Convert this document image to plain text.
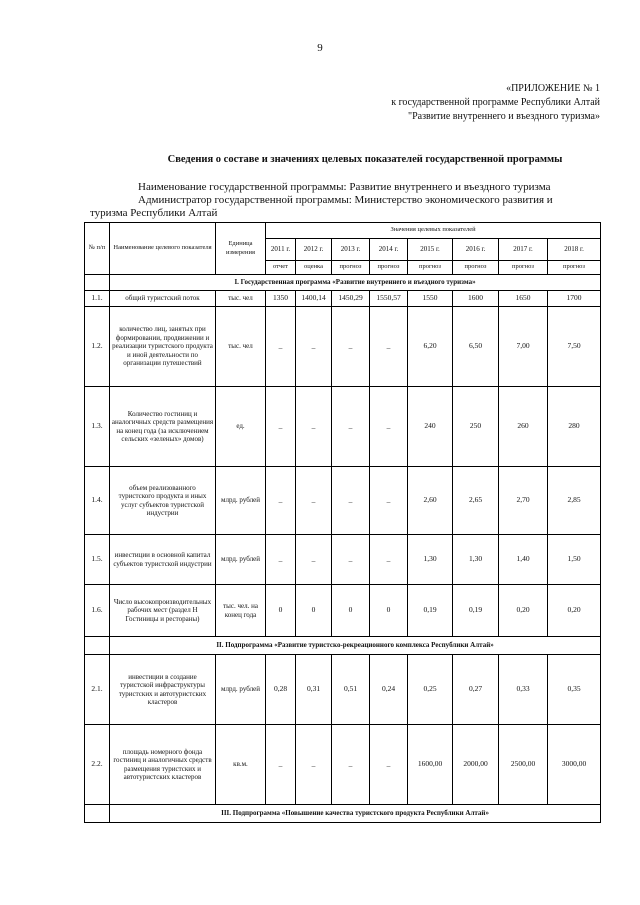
9
«ПРИЛОЖЕНИЕ № 1
к государственной программе Республики Алтай
"Развитие внутреннего и въездного туризма»
Сведения о составе и значениях целевых показателей государственной программы
Наименование государственной программы: Развитие внутреннего и въездного туризма
Администратор государственной программы: Министерство экономического развития и
туризма Республики Алтай
№ п/п	Наименование целевого показателя	Единица измерения	Значения целевых показателей							
			2011 г.	2012 г.	2013 г.	2014 г.	2015 г.	2016 г.	2017 г.	2018 г.
			отчет	оценка	прогноз	прогноз	прогноз	прогноз	прогноз	прогноз
	I. Государственная программа «Развитие внутреннего и въездного туризма»									
1.1.	общий туристский поток	тыс. чел	1350	1400,14	1450,29	1550,57	1550	1600	1650	1700
1.2.	количество лиц, занятых при формировании, продвижении и реализации туристского продукта и иной деятельности по организации путешествий	тыс. чел	_	_	_	_	6,20	6,50	7,00	7,50
1.3.	Количество гостиниц и аналогичных средств размещения на конец года (за исключением сельских «зеленых» домов)	ед.	_	_	_	_	240	250	260	280
1.4.	объем реализованного туристского продукта и иных услуг субъектов туристской индустрии	млрд. рублей	_	_	_	_	2,60	2,65	2,70	2,85
1.5.	инвестиции в основной капитал субъектов туристской индустрии	млрд. рублей	_	_	_	_	1,30	1,30	1,40	1,50
1.6.	Число высокопроизводительных рабочих мест (раздел H Гостиницы и рестораны)	тыс. чел. на конец года	0	0	0	0	0,19	0,19	0,20	0,20
	II. Подпрограмма «Развитие туристско-рекреационного комплекса Республики Алтай»									
2.1.	инвестиции в создание туристской инфраструктуры туристских и автотуристских кластеров	млрд. рублей	0,28	0,31	0,51	0,24	0,25	0,27	0,33	0,35
2.2.	площадь номерного фонда гостиниц и аналогичных средств размещения туристских и автотуристских кластеров	кв.м.	_	_	_	_	1600,00	2000,00	2500,00	3000,00
	III. Подпрограмма «Повышение качества туристского продукта Республики Алтай»									
